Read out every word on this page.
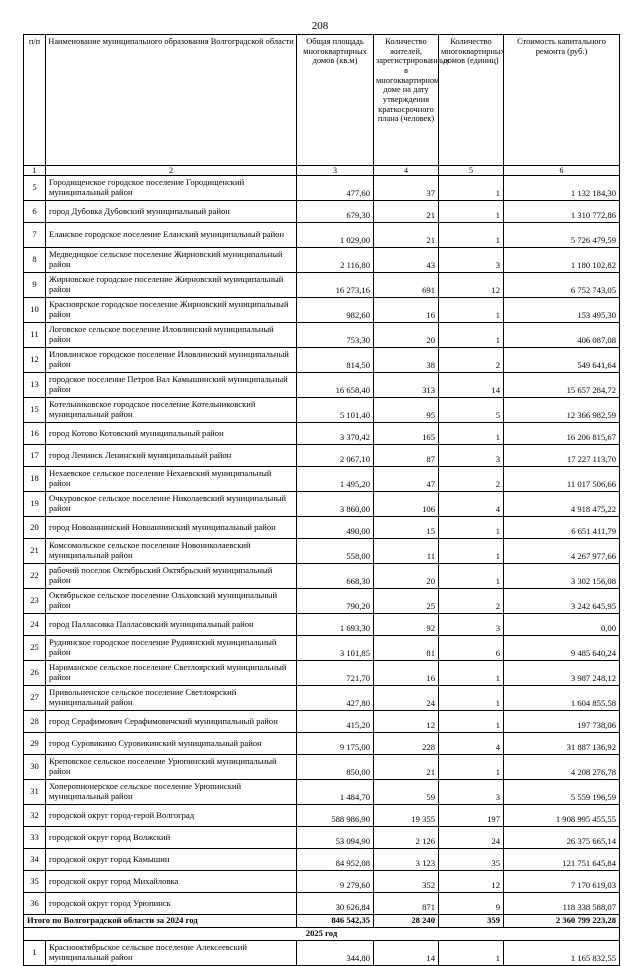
208
п/п	Наименование муниципального образования Волгоградской области	Общая площадь многоквартирных домов (кв.м)	Количество жителей, зарегистрированных в многоквартирном доме на дату утверждения краткосрочного плана (человек)	Количество многоквартирных домов (единиц)	Стоимость капитального ремонта (руб.)
1	2	3	4	5	6
5	Городищенское городское поселение Городищенский муниципальный район	477,60	37	1	1 132 184,30
6	город Дубовка Дубовский муниципальный район	679,30	21	1	1 310 772,86
7	Еланское городское поселение Еланский муниципальный район	1 029,00	21	1	5 726 479,59
8	Медведицкое сельское поселение Жирновский муниципальный район	2 116,80	43	3	1 180 102,82
9	Жирновское городское поселение Жирновский муниципальный район	16 273,16	691	12	6 752 743,05
10	Красноярское городское поселение Жирновский муниципальный район	982,60	16	1	153 495,30
11	Логовское сельское поселение Иловлинский муниципальный район	753,30	20	1	406 087,08
12	Иловлинское городское поселение Иловлинский муниципальный район	814,50	38	2	549 641,64
13	городское поселение Петров Вал Камышинский муниципальный район	16 658,40	313	14	15 657 284,72
15	Котельниковское городское поселение Котельниковский муниципальный район	5 101,40	95	5	12 366 982,59
16	город Котово Котовский муниципальный район	3 370,42	165	1	16 206 815,67
17	город Ленинск Ленинский муниципальный район	2 067,10	87	3	17 227 113,70
18	Нехаевское сельское поселение Нехаевский муниципальный район	1 495,20	47	2	11 017 506,66
19	Очкуровское сельское поселение Николаевский муниципальный район	3 860,00	106	4	4 918 475,22
20	город Новоаннинский Новоаннинский муниципальный район	490,00	15	1	6 651 411,79
21	Комсомольское сельское поселение Новониколаевский муниципальный район	558,00	11	1	4 267 977,66
22	рабочий поселок Октябрьский Октябрьский муниципальный район	668,30	20	1	3 302 156,08
23	Октябрьское сельское поселение Ольховский муниципальный район	790,20	25	2	3 242 645,95
24	город Палласовка Палласовский муниципальный район	1 693,30	92	3	0,00
25	Руднянское городское поселение Руднянский муниципальный район	3 101,85	81	6	9 485 640,24
26	Нариманское сельское поселение Светлоярский муниципальный район	721,70	16	1	3 987 248,12
27	Привольненское сельское поселение Светлоярский муниципальный район	427,80	24	1	1 604 855,58
28	город Серафимович Серафимовичский муниципальный район	415,20	12	1	197 738,06
29	город Суровикино Суровикинский муниципальный район	9 175,00	228	4	31 887 136,92
30	Креповское сельское поселение Урюпинский муниципальный район	850,00	21	1	4 208 276,78
31	Хоперопионерское сельское поселение Урюпинский муниципальный район	1 484,70	59	3	5 559 196,59
32	городской округ город-герой Волгоград	588 986,90	19 355	197	1 908 995 455,55
33	городской округ город Волжский	53 094,90	2 126	24	26 375 665,14
34	городской округ город Камышин	84 952,08	3 123	35	121 751 645,84
35	городской округ город Михайловка	9 279,60	352	12	7 170 619,03
36	городской округ город Урюпинск	30 626,84	871	9	118 338 588,07
Итого по Волгоградской области за 2024 год		846 542,35	28 240	359	2 360 799 223,28
2025 год					
1	Краснооктябрьское сельское поселение Алексеевский муниципальный район	344,80	14	1	1 165 832,55
